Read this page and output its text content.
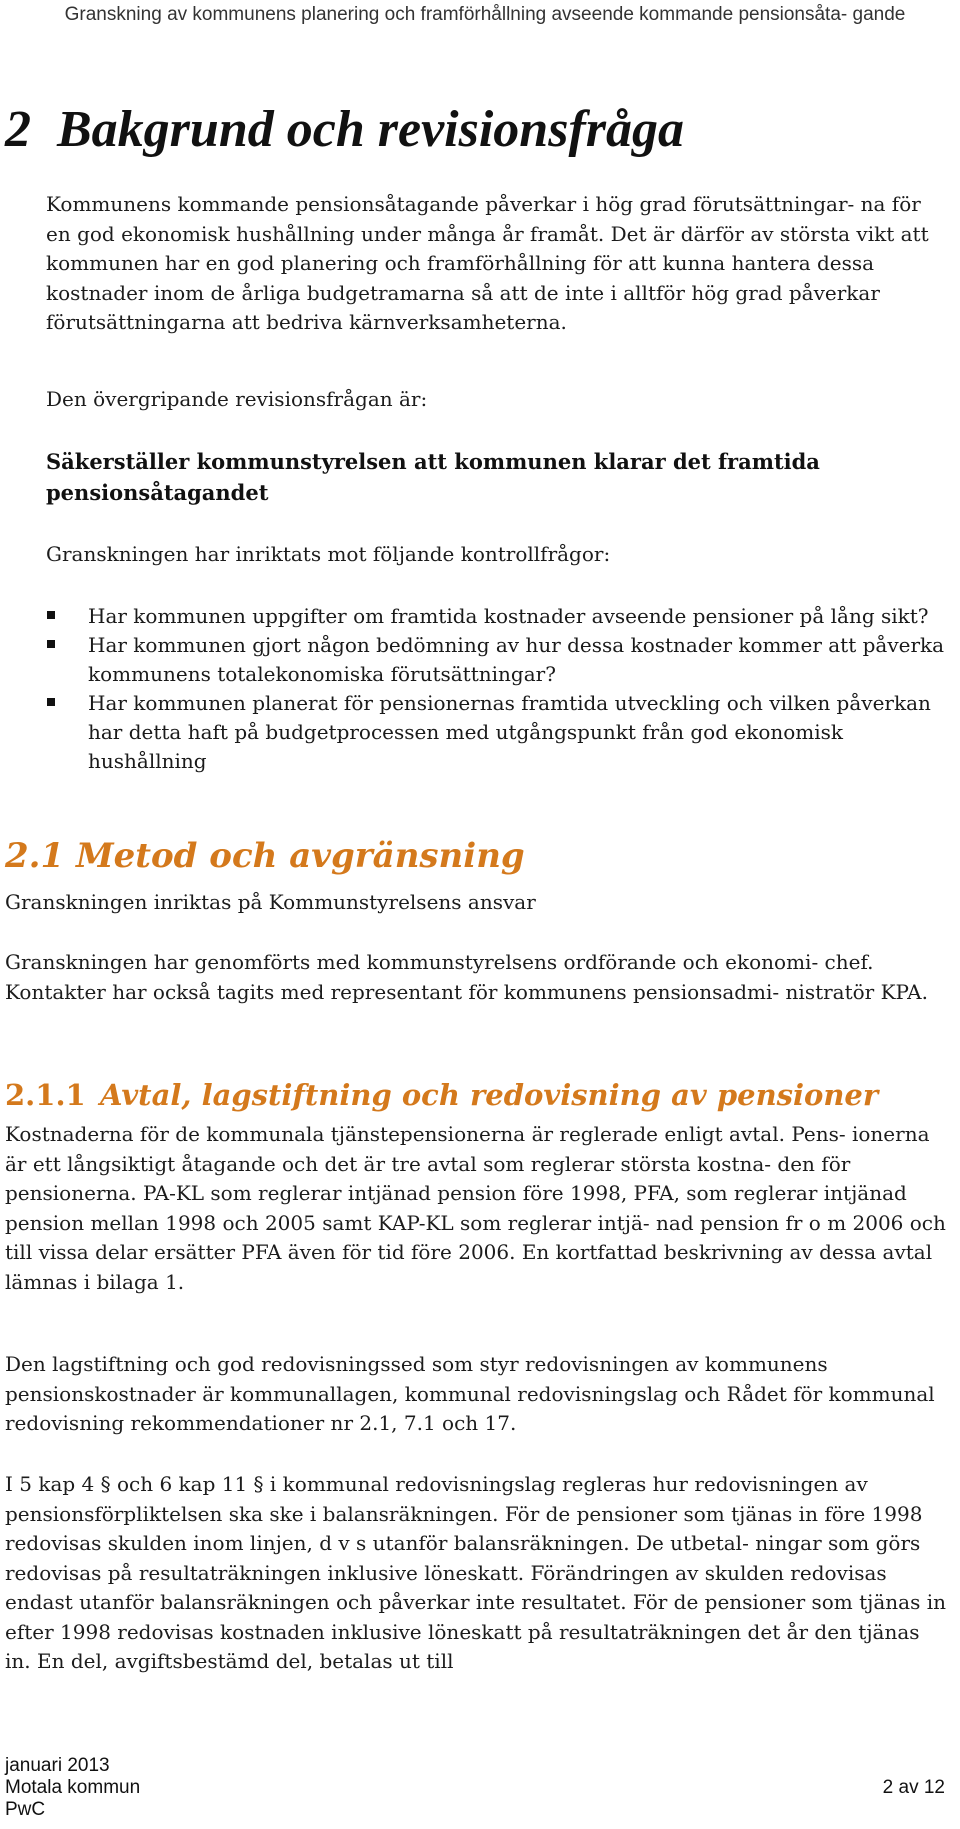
Granskning av kommunens planering och framförhållning avseende kommande pensionsåta- gande

2 Bakgrund och revisionsfråga

Kommunens kommande pensionsåtagande påverkar i hög grad förutsättningar- na för en god ekonomisk hushållning under många år framåt. Det är därför av största vikt att kommunen har en god planering och framförhållning för att kunna hantera dessa kostnader inom de årliga budgetramarna så att de inte i alltför hög grad påverkar förutsättningarna att bedriva kärnverksamheterna.

Den övergripande revisionsfrågan är:

Säkerställer kommunstyrelsen att kommunen klarar det framtida pensionsåtagandet

Granskningen har inriktats mot följande kontrollfrågor:

Har kommunen uppgifter om framtida kostnader avseende pensioner på lång sikt?
Har kommunen gjort någon bedömning av hur dessa kostnader kommer att påverka kommunens totalekonomiska förutsättningar?
Har kommunen planerat för pensionernas framtida utveckling och vilken påverkan har detta haft på budgetprocessen med utgångspunkt från god ekonomisk hushållning
2.1 Metod och avgränsning

Granskningen inriktas på Kommunstyrelsens ansvar

Granskningen har genomförts med kommunstyrelsens ordförande och ekonomi- chef. Kontakter har också tagits med representant för kommunens pensionsadmi- nistratör KPA.

2.1.1 Avtal, lagstiftning och redovisning av pensioner

Kostnaderna för de kommunala tjänstepensionerna är reglerade enligt avtal. Pens- ionerna är ett långsiktigt åtagande och det är tre avtal som reglerar största kostna- den för pensionerna. PA-KL som reglerar intjänad pension före 1998, PFA, som reglerar intjänad pension mellan 1998 och 2005 samt KAP-KL som reglerar intjä- nad pension fr o m 2006 och till vissa delar ersätter PFA även för tid före 2006. En kortfattad beskrivning av dessa avtal lämnas i bilaga 1.

Den lagstiftning och god redovisningssed som styr redovisningen av kommunens pensionskostnader är kommunallagen, kommunal redovisningslag och Rådet för kommunal redovisning rekommendationer nr 2.1, 7.1 och 17.

I 5 kap 4 § och 6 kap 11 § i kommunal redovisningslag regleras hur redovisningen av pensionsförpliktelsen ska ske i balansräkningen. För de pensioner som tjänas in före 1998 redovisas skulden inom linjen, d v s utanför balansräkningen. De utbetal- ningar som görs redovisas på resultaträkningen inklusive löneskatt. Förändringen av skulden redovisas endast utanför balansräkningen och påverkar inte resultatet. För de pensioner som tjänas in efter 1998 redovisas kostnaden inklusive löneskatt på resultaträkningen det år den tjänas in. En del, avgiftsbestämd del, betalas ut till

januari 2013
Motala kommun
PwC
2 av 12
